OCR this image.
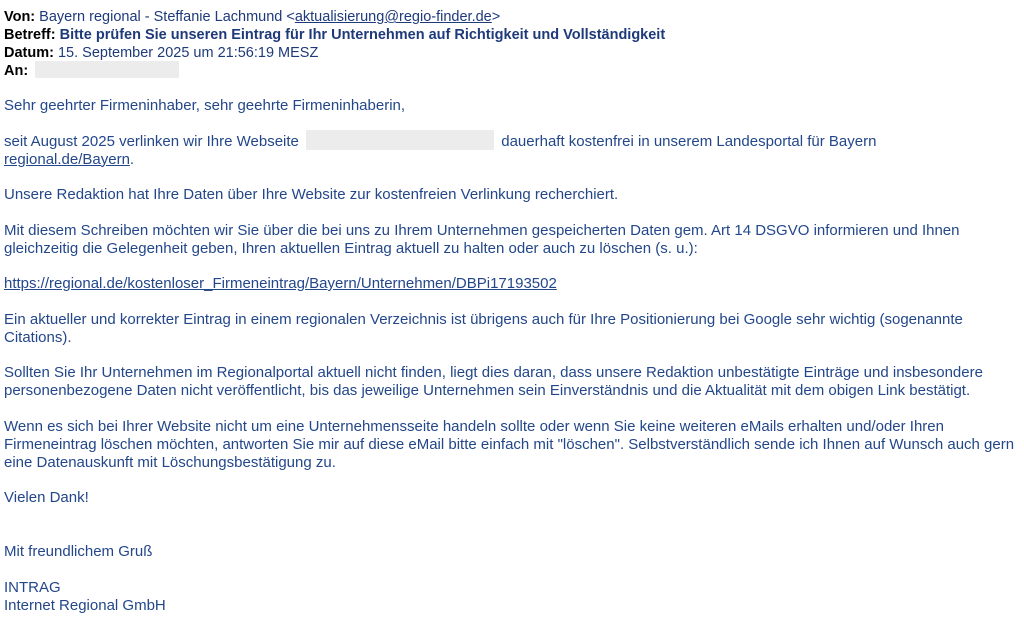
Von: Bayern regional - Steffanie Lachmund <aktualisierung@regio-finder.de>
Betreff: Bitte prüfen Sie unseren Eintrag für Ihr Unternehmen auf Richtigkeit und Vollständigkeit
Datum: 15. September 2025 um 21:56:19 MESZ
An:

Sehr geehrter Firmeninhaber, sehr geehrte Firmeninhaberin,

seit August 2025 verlinken wir Ihre Webseite	dauerhaft kostenfrei in unserem Landesportal für Bayern
regional.de/Bayern.

Unsere Redaktion hat Ihre Daten über Ihre Website zur kostenfreien Verlinkung recherchiert.

Mit diesem Schreiben möchten wir Sie über die bei uns zu Ihrem Unternehmen gespeicherten Daten gem. Art 14 DSGVO informieren und Ihnen gleichzeitig die Gelegenheit geben, Ihren aktuellen Eintrag aktuell zu halten oder auch zu löschen (s. u.):

https://regional.de/kostenloser_Firmeneintrag/Bayern/Unternehmen/DBPi17193502

Ein aktueller und korrekter Eintrag in einem regionalen Verzeichnis ist übrigens auch für Ihre Positionierung bei Google sehr wichtig (sogenannte Citations).

Sollten Sie Ihr Unternehmen im Regionalportal aktuell nicht finden, liegt dies daran, dass unsere Redaktion unbestätigte Einträge und insbesondere personenbezogene Daten nicht veröffentlicht, bis das jeweilige Unternehmen sein Einverständnis und die Aktualität mit dem obigen Link bestätigt.

Wenn es sich bei Ihrer Website nicht um eine Unternehmensseite handeln sollte oder wenn Sie keine weiteren eMails erhalten und/oder Ihren Firmeneintrag löschen möchten, antworten Sie mir auf diese eMail bitte einfach mit "löschen". Selbstverständlich sende ich Ihnen auf Wunsch auch gern eine Datenauskunft mit Löschungsbestätigung zu.

Vielen Dank!

Mit freundlichem Gruß

INTRAG
Internet Regional GmbH
